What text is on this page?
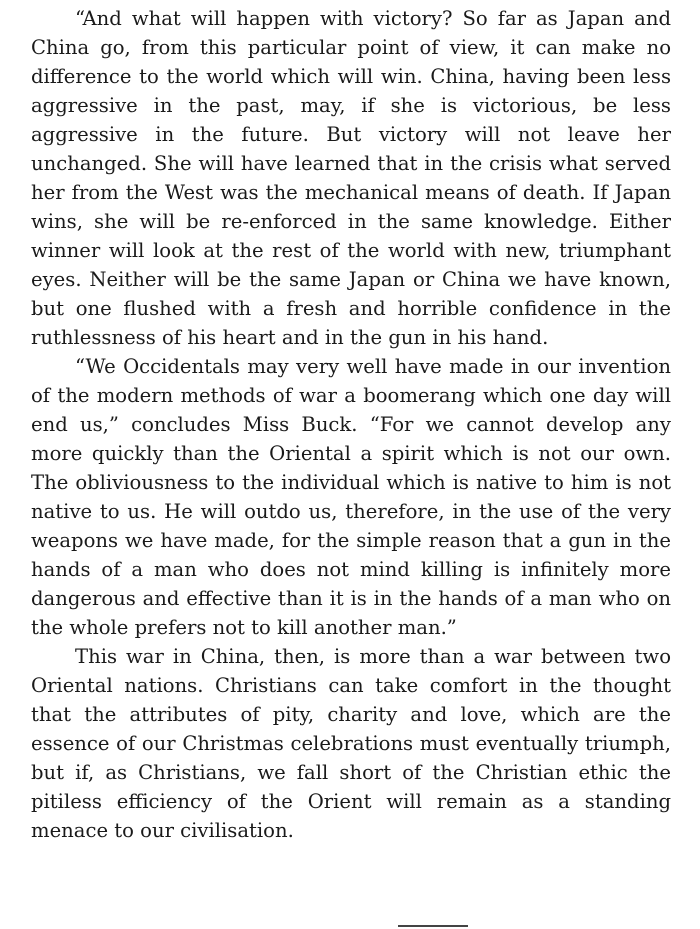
“And what will happen with victory? So far as Japan and China go, from this particular point of view, it can make no difference to the world which will win. China, having been less aggressive in the past, may, if she is victorious, be less aggressive in the future. But victory will not leave her unchanged. She will have learned that in the crisis what served her from the West was the mechanical means of death. If Japan wins, she will be re-enforced in the same knowledge. Either winner will look at the rest of the world with new, triumphant eyes. Neither will be the same Japan or China we have known, but one flushed with a fresh and horrible confidence in the ruthlessness of his heart and in the gun in his hand.

“We Occidentals may very well have made in our invention of the modern methods of war a boomerang which one day will end us,” concludes Miss Buck. “For we cannot develop any more quickly than the Oriental a spirit which is not our own. The obliviousness to the individual which is native to him is not native to us. He will outdo us, therefore, in the use of the very weapons we have made, for the simple reason that a gun in the hands of a man who does not mind killing is infinitely more dangerous and effective than it is in the hands of a man who on the whole prefers not to kill another man.”

This war in China, then, is more than a war between two Oriental nations. Christians can take comfort in the thought that the attributes of pity, charity and love, which are the essence of our Christmas celebrations must eventually triumph, but if, as Christians, we fall short of the Christian ethic the pitiless efficiency of the Orient will remain as a standing menace to our civilisation.
